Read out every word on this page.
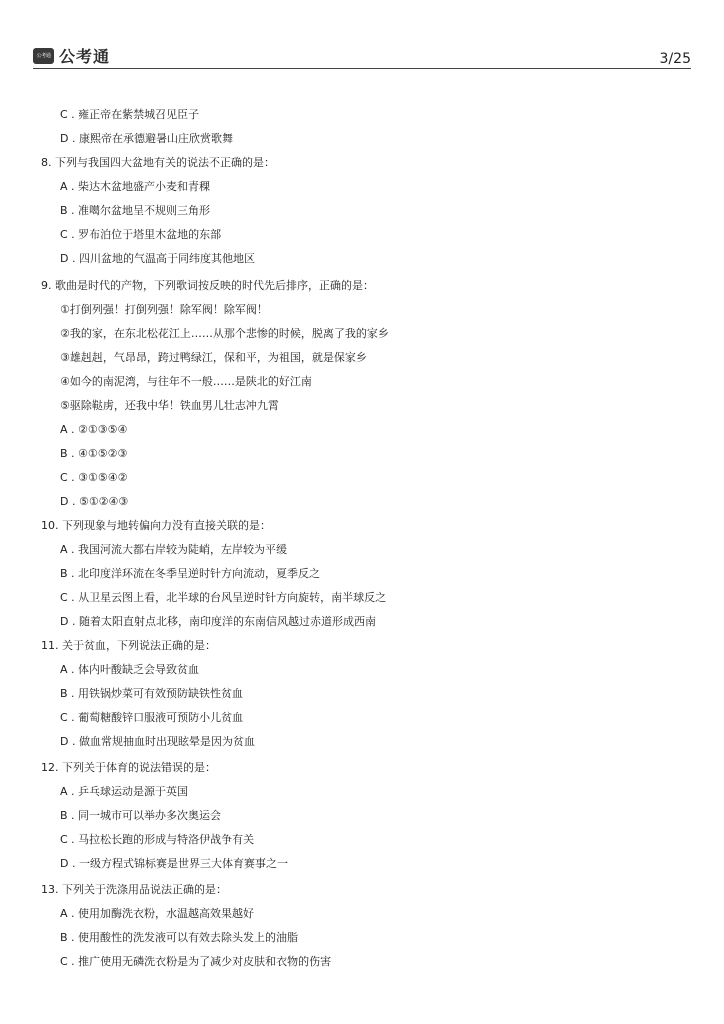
公考通 公考通	3/25
C . 雍正帝在紫禁城召见臣子
D . 康熙帝在承德避暑山庄欣赏歌舞
8. 下列与我国四大盆地有关的说法不正确的是：
A . 柴达木盆地盛产小麦和青稞
B . 准噶尔盆地呈不规则三角形
C . 罗布泊位于塔里木盆地的东部
D . 四川盆地的气温高于同纬度其他地区
9. 歌曲是时代的产物，下列歌词按反映的时代先后排序，正确的是：
①打倒列强！打倒列强！除军阀！除军阀！
②我的家，在东北松花江上……从那个悲惨的时候，脱离了我的家乡
③雄赳赳，气昂昂，跨过鸭绿江，保和平，为祖国，就是保家乡
④如今的南泥湾，与往年不一般……是陕北的好江南
⑤驱除鞑虏，还我中华！铁血男儿壮志冲九霄
A . ②①③⑤④
B . ④①⑤②③
C . ③①⑤④②
D . ⑤①②④③
10. 下列现象与地转偏向力没有直接关联的是：
A . 我国河流大都右岸较为陡峭，左岸较为平缓
B . 北印度洋环流在冬季呈逆时针方向流动，夏季反之
C . 从卫星云图上看，北半球的台风呈逆时针方向旋转，南半球反之
D . 随着太阳直射点北移，南印度洋的东南信风越过赤道形成西南
11. 关于贫血，下列说法正确的是：
A . 体内叶酸缺乏会导致贫血
B . 用铁锅炒菜可有效预防缺铁性贫血
C . 葡萄糖酸锌口服液可预防小儿贫血
D . 做血常规抽血时出现眩晕是因为贫血
12. 下列关于体育的说法错误的是：
A . 乒乓球运动是源于英国
B . 同一城市可以举办多次奥运会
C . 马拉松长跑的形成与特洛伊战争有关
D . 一级方程式锦标赛是世界三大体育赛事之一
13. 下列关于洗涤用品说法正确的是：
A . 使用加酶洗衣粉，水温越高效果越好
B . 使用酸性的洗发液可以有效去除头发上的油脂
C . 推广使用无磷洗衣粉是为了减少对皮肤和衣物的伤害
